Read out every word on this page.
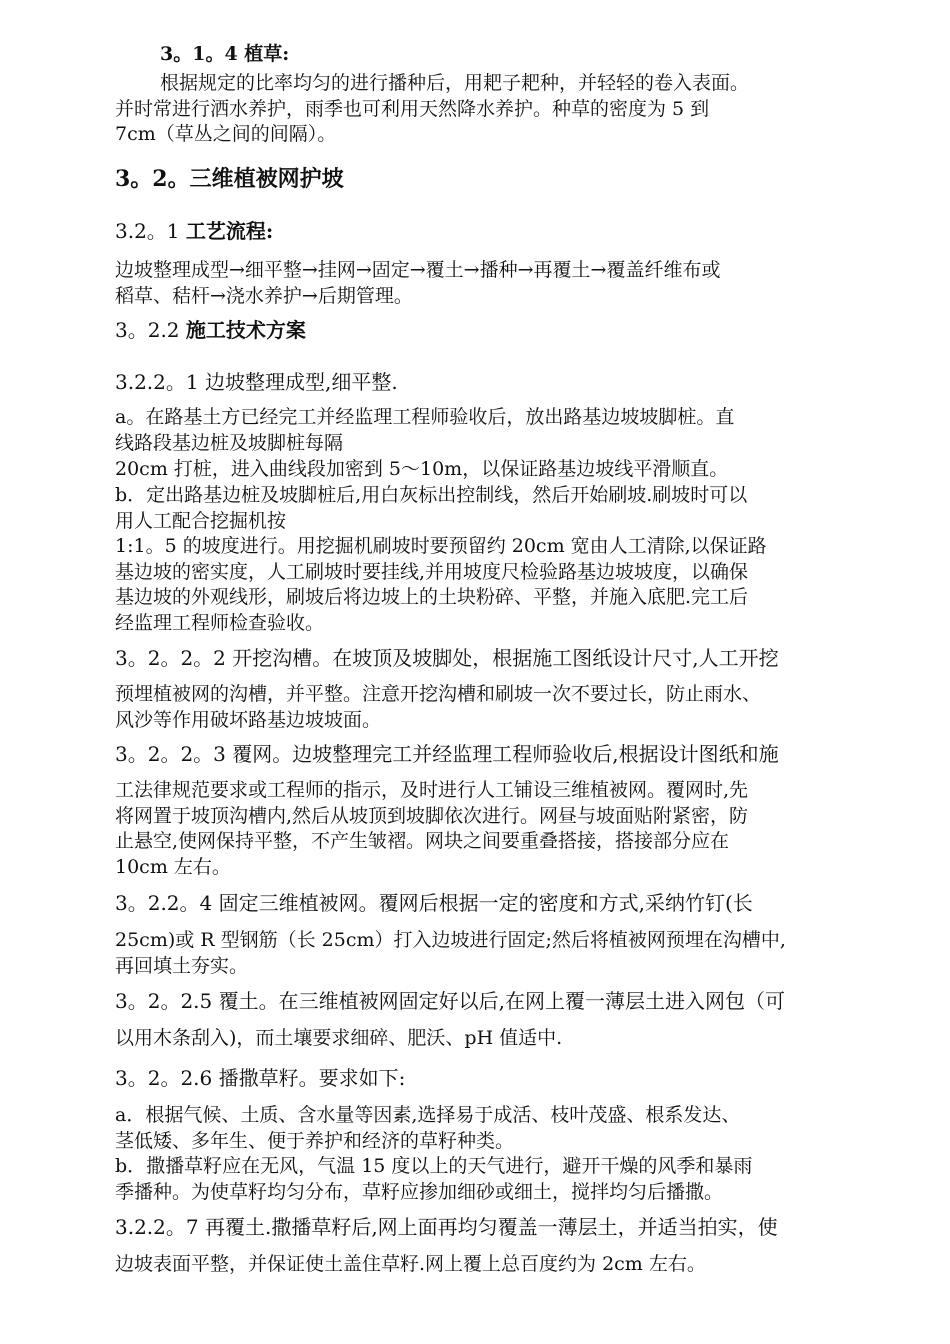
3。1。4 植草:
根据规定的比率均匀的进行播种后，用耙子耙种，并轻轻的卷入表面。
并时常进行洒水养护，雨季也可利用天然降水养护。种草的密度为 5 到
7cm（草丛之间的间隔）。
3。2。三维植被网护坡
3.2。1 工艺流程:
边坡整理成型→细平整→挂网→固定→覆土→播种→再覆土→覆盖纤维布或
稻草、秸杆→浇水养护→后期管理。
3。2.2 施工技术方案
3.2.2。1 边坡整理成型,细平整.
a。在路基土方已经完工并经监理工程师验收后，放出路基边坡坡脚桩。直
线路段基边桩及坡脚桩每隔
20cm 打桩，进入曲线段加密到 5～10m，以保证路基边坡线平滑顺直。
b．定出路基边桩及坡脚桩后,用白灰标出控制线，然后开始刷坡.刷坡时可以
用人工配合挖掘机按
1:1。5 的坡度进行。用挖掘机刷坡时要预留约 20cm 宽由人工清除,以保证路
基边坡的密实度，人工刷坡时要挂线,并用坡度尺检验路基边坡坡度，以确保
基边坡的外观线形，刷坡后将边坡上的土块粉碎、平整，并施入底肥.完工后
经监理工程师检查验收。
3。2。2。2 开挖沟槽。在坡顶及坡脚处，根据施工图纸设计尺寸,人工开挖
预埋植被网的沟槽，并平整。注意开挖沟槽和刷坡一次不要过长，防止雨水、
风沙等作用破坏路基边坡坡面。
3。2。2。3 覆网。边坡整理完工并经监理工程师验收后,根据设计图纸和施
工法律规范要求或工程师的指示，及时进行人工铺设三维植被网。覆网时,先
将网置于坡顶沟槽内,然后从坡顶到坡脚依次进行。网昼与坡面贴附紧密，防
止悬空,使网保持平整，不产生皱褶。网块之间要重叠搭接，搭接部分应在
10cm 左右。
3。2.2。4 固定三维植被网。覆网后根据一定的密度和方式,采纳竹钉(长
25cm)或 R 型钢筋（长 25cm）打入边坡进行固定;然后将植被网预埋在沟槽中,
再回填土夯实。
3。2。2.5 覆土。在三维植被网固定好以后,在网上覆一薄层土进入网包（可
以用木条刮入)，而土壤要求细碎、肥沃、pH 值适中.
3。2。2.6 播撒草籽。要求如下:
a．根据气候、土质、含水量等因素,选择易于成活、枝叶茂盛、根系发达、
茎低矮、多年生、便于养护和经济的草籽种类。
b．撒播草籽应在无风，气温 15 度以上的天气进行，避开干燥的风季和暴雨
季播种。为使草籽均匀分布，草籽应掺加细砂或细土，搅拌均匀后播撒。
3.2.2。7 再覆土.撒播草籽后,网上面再均匀覆盖一薄层土，并适当拍实，使
边坡表面平整，并保证使土盖住草籽.网上覆上总百度约为 2cm 左右。
